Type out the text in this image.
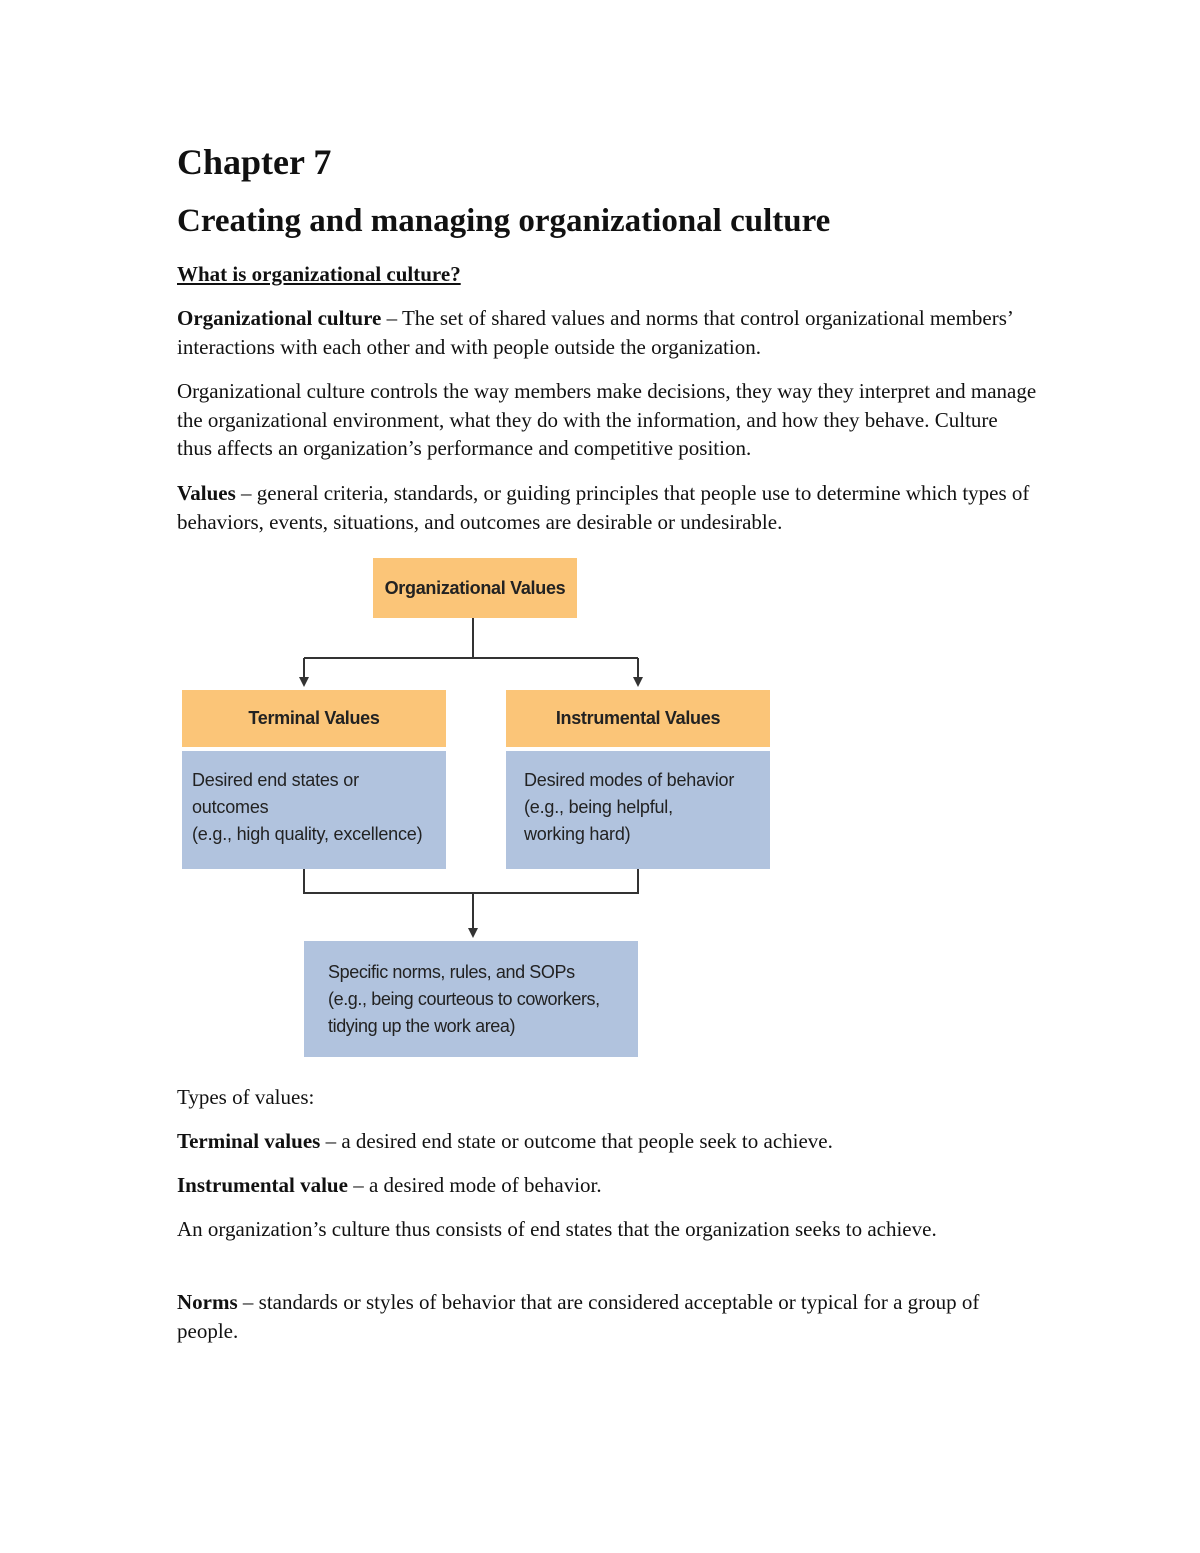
Chapter 7
Creating and managing organizational culture
What is organizational culture?

Organizational culture – The set of shared values and norms that control organizational members’ interactions with each other and with people outside the organization.

Organizational culture controls the way members make decisions, they way they interpret and manage the organizational environment, what they do with the information, and how they behave. Culture thus affects an organization’s performance and competitive position.

Values – general criteria, standards, or guiding principles that people use to determine which types of behaviors, events, situations, and outcomes are desirable or undesirable.

Organizational Values
Terminal Values
Desired end states or outcomes
(e.g., high quality, excellence)
Instrumental Values
Desired modes of behavior
(e.g., being helpful,
working hard)
Specific norms, rules, and SOPs
(e.g., being courteous to coworkers,
tidying up the work area)

Types of values:

Terminal values – a desired end state or outcome that people seek to achieve.

Instrumental value – a desired mode of behavior.

An organization’s culture thus consists of end states that the organization seeks to achieve.

Norms – standards or styles of behavior that are considered acceptable or typical for a group of people.
